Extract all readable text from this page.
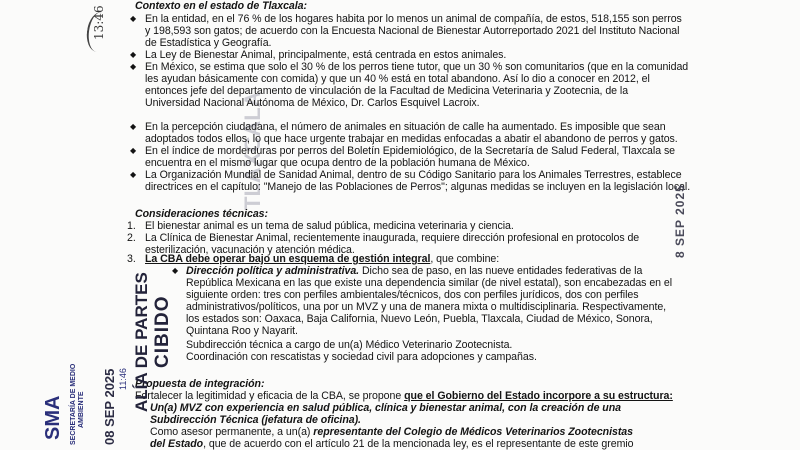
TLAXCALA
Contexto en el estado de Tlaxcala:
◆ En la entidad, en el 76 % de los hogares habita por lo menos un animal de compañía, de estos, 518,155 son perros
y 198,593 son gatos; de acuerdo con la Encuesta Nacional de Bienestar Autorreportado 2021 del Instituto Nacional
de Estadística y Geografía.
◆ La Ley de Bienestar Animal, principalmente, está centrada en estos animales.
◆ En México, se estima que solo el 30 % de los perros tiene tutor, que un 30 % son comunitarios (que en la comunidad
les ayudan básicamente con comida) y que un 40 % está en total abandono. Así lo dio a conocer en 2012, el
entonces jefe del departamento de vinculación de la Facultad de Medicina Veterinaria y Zootecnia, de la
Universidad Nacional Autónoma de México, Dr. Carlos Esquivel Lacroix.
◆ En la percepción ciudadana, el número de animales en situación de calle ha aumentado. Es imposible que sean
adoptados todos ellos, lo que hace urgente trabajar en medidas enfocadas a abatir el abandono de perros y gatos.
◆ En el índice de morderduras por perros del Boletín Epidemiológico, de la Secretaría de Salud Federal, Tlaxcala se
encuentra en el mismo lugar que ocupa dentro de la población humana de México.
◆ La Organización Mundial de Sanidad Animal, dentro de su Código Sanitario para los Animales Terrestres, establece
directrices en el capítulo: "Manejo de las Poblaciones de Perros"; algunas medidas se incluyen en la legislación local.
Consideraciones técnicas:
1. El bienestar animal es un tema de salud pública, medicina veterinaria y ciencia.
2. La Clínica de Bienestar Animal, recientemente inaugurada, requiere dirección profesional en protocolos de
esterilización, vacunación y atención médica.
3. La CBA debe operar bajo un esquema de gestión integral, que combine:
◆ Dirección política y administrativa. Dicho sea de paso, en las nueve entidades federativas de la
República Mexicana en las que existe una dependencia similar (de nivel estatal), son encabezadas en el
siguiente orden: tres con perfiles ambientales/técnicos, dos con perfiles jurídicos, dos con perfiles
administrativos/políticos, una por un MVZ y una de manera mixta o multidisciplinaria. Respectivamente,
los estados son: Oaxaca, Baja California, Nuevo León, Puebla, Tlaxcala, Ciudad de México, Sonora,
Quintana Roo y Nayarit.
Subdirección técnica a cargo de un(a) Médico Veterinario Zootecnista.
Coordinación con rescatistas y sociedad civil para adopciones y campañas.
Propuesta de integración:
Fortalecer la legitimidad y eficacia de la CBA, se propone que el Gobierno del Estado incorpore a su estructura:
Un(a) MVZ con experiencia en salud pública, clínica y bienestar animal, con la creación de una
Subdirección Técnica (jefatura de oficina).
Como asesor permanente, a un(a) representante del Colegio de Médicos Veterinarios Zootecnistas
del Estado, que de acuerdo con el artículo 21 de la mencionada ley, es el representante de este gremio
13:46
8 SEP 2025
SMA SECRETARÍA DE MEDIO AMBIENTE 08 SEP 2025 11:46 ALÍA DE PARTES CIBIDO
